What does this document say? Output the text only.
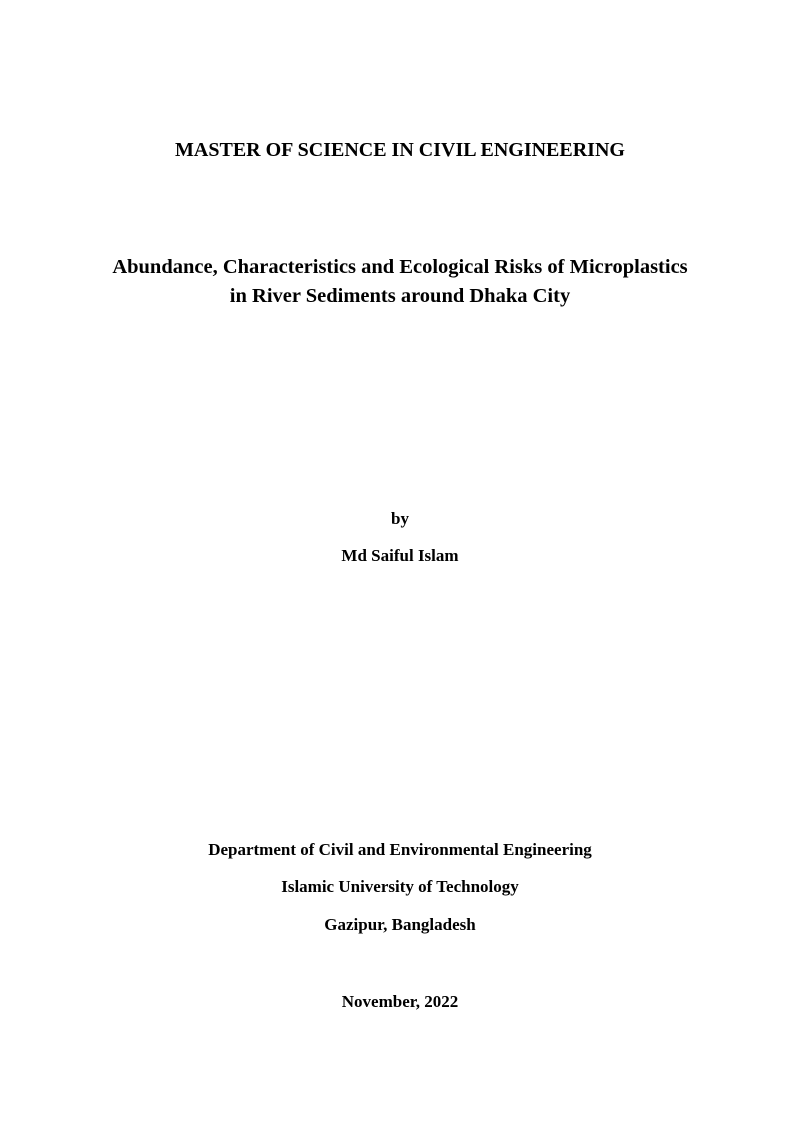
MASTER OF SCIENCE IN CIVIL ENGINEERING
Abundance, Characteristics and Ecological Risks of Microplastics
in River Sediments around Dhaka City
by
Md Saiful Islam
Department of Civil and Environmental Engineering
Islamic University of Technology
Gazipur, Bangladesh
November, 2022
